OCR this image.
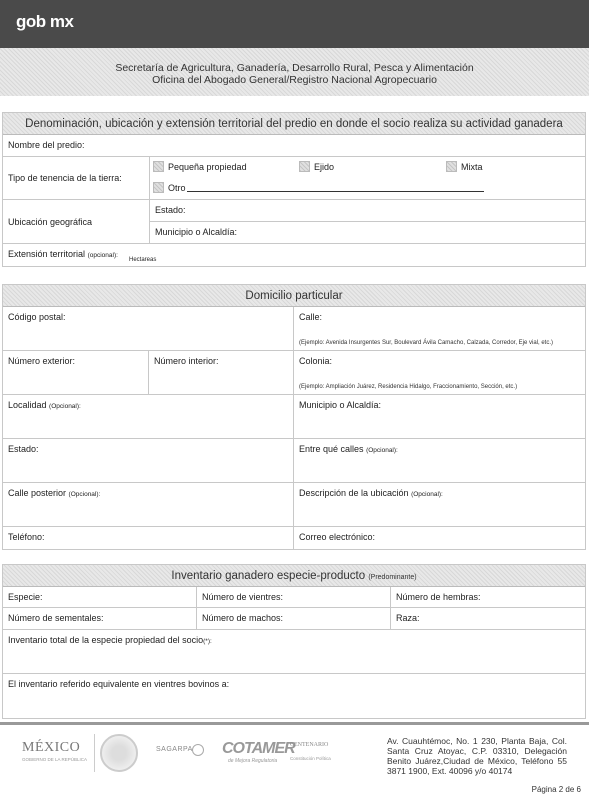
gob mx
Secretaría de Agricultura, Ganadería, Desarrollo Rural, Pesca y Alimentación
Oficina del Abogado General/Registro Nacional Agropecuario
Denominación, ubicación y extensión territorial del predio en donde el socio realiza su actividad ganadera
Nombre del predio:
Tipo de tenencia de la tierra:
Pequeña propiedad	Ejido	Mixta
Otro
Ubicación geográfica
Estado:
Municipio o Alcaldía:
Extensión territorial (opcional):
Hectareas
Domicilio particular
Código postal:	Calle:
(Ejemplo: Avenida Insurgentes Sur, Boulevard Ávila Camacho, Calzada, Corredor, Eje vial, etc.)
Número exterior:	Número interior:	Colonia:
(Ejemplo: Ampliación Juárez, Residencia Hidalgo, Fraccionamiento, Sección, etc.)
Localidad (Opcional):	Municipio o Alcaldía:
Estado:	Entre qué calles (Opcional):
Calle posterior (Opcional):	Descripción de la ubicación (Opcional):
Teléfono:	Correo electrónico:
Inventario ganadero especie-producto (Predominante)
Especie:	Número de vientres:	Número de hembras:
Número de sementales:	Número de machos:	Raza:
Inventario total de la especie propiedad del socio(*):
El inventario referido equivalente en vientres bovinos a:
MÉXICO
GOBIERNO DE LA REPÚBLICA
SAGARPA COTAMER
de Mejora Regulatoria
CENTENARIO
Constitución Política
Av. Cuauhtémoc, No. 1 230, Planta Baja, Col. Santa Cruz Atoyac, C.P. 03310, Delegación Benito Juárez,Ciudad de México, Teléfono 55 3871 1900, Ext. 40096 y/o 40174
Página 2 de 6
